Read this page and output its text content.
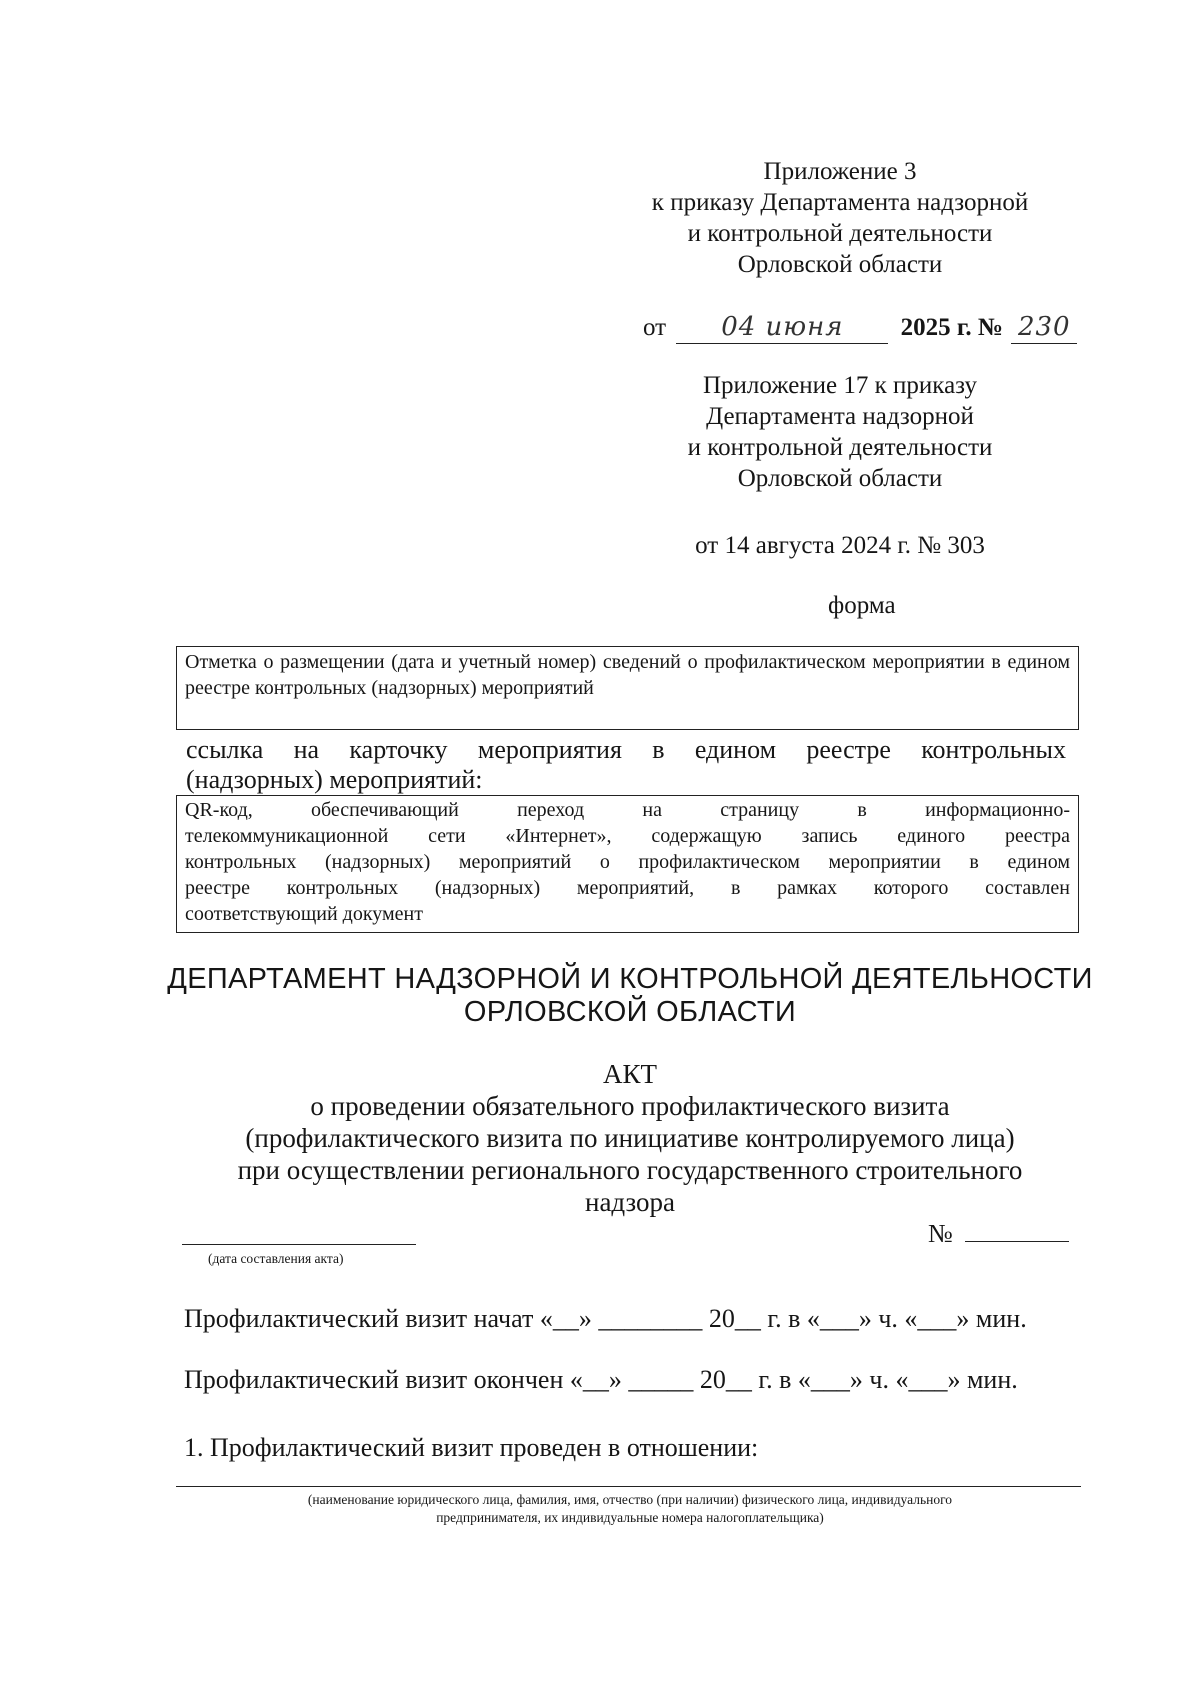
Приложение 3
к приказу Департамента надзорной
и контрольной деятельности
Орловской области
от 04 июня 2025 г. № 230
Приложение 17 к приказу
Департамента надзорной
и контрольной деятельности
Орловской области
от 14 августа 2024 г. № 303
форма
Отметка о размещении (дата и учетный номер) сведений о профилактическом мероприятии в едином реестре контрольных (надзорных) мероприятий
ссылка на карточку мероприятия в едином реестре контрольных
(надзорных) мероприятий:
QR-код, обеспечивающий переход на страницу в информационно-
телекоммуникационной сети «Интернет», содержащую запись единого реестра
контрольных (надзорных) мероприятий о профилактическом мероприятии в едином
реестре контрольных (надзорных) мероприятий, в рамках которого составлен
соответствующий документ
ДЕПАРТАМЕНТ НАДЗОРНОЙ И КОНТРОЛЬНОЙ ДЕЯТЕЛЬНОСТИ
ОРЛОВСКОЙ ОБЛАСТИ
АКТ
о проведении обязательного профилактического визита
(профилактического визита по инициативе контролируемого лица)
при осуществлении регионального государственного строительного
надзора
(дата составления акта)
№
Профилактический визит начат «__» ________ 20__ г. в «___» ч. «___» мин.
Профилактический визит окончен «__» _____ 20__ г. в «___» ч. «___» мин.
1. Профилактический визит проведен в отношении:
(наименование юридического лица, фамилия, имя, отчество (при наличии) физического лица, индивидуального
предпринимателя, их индивидуальные номера налогоплательщика)
